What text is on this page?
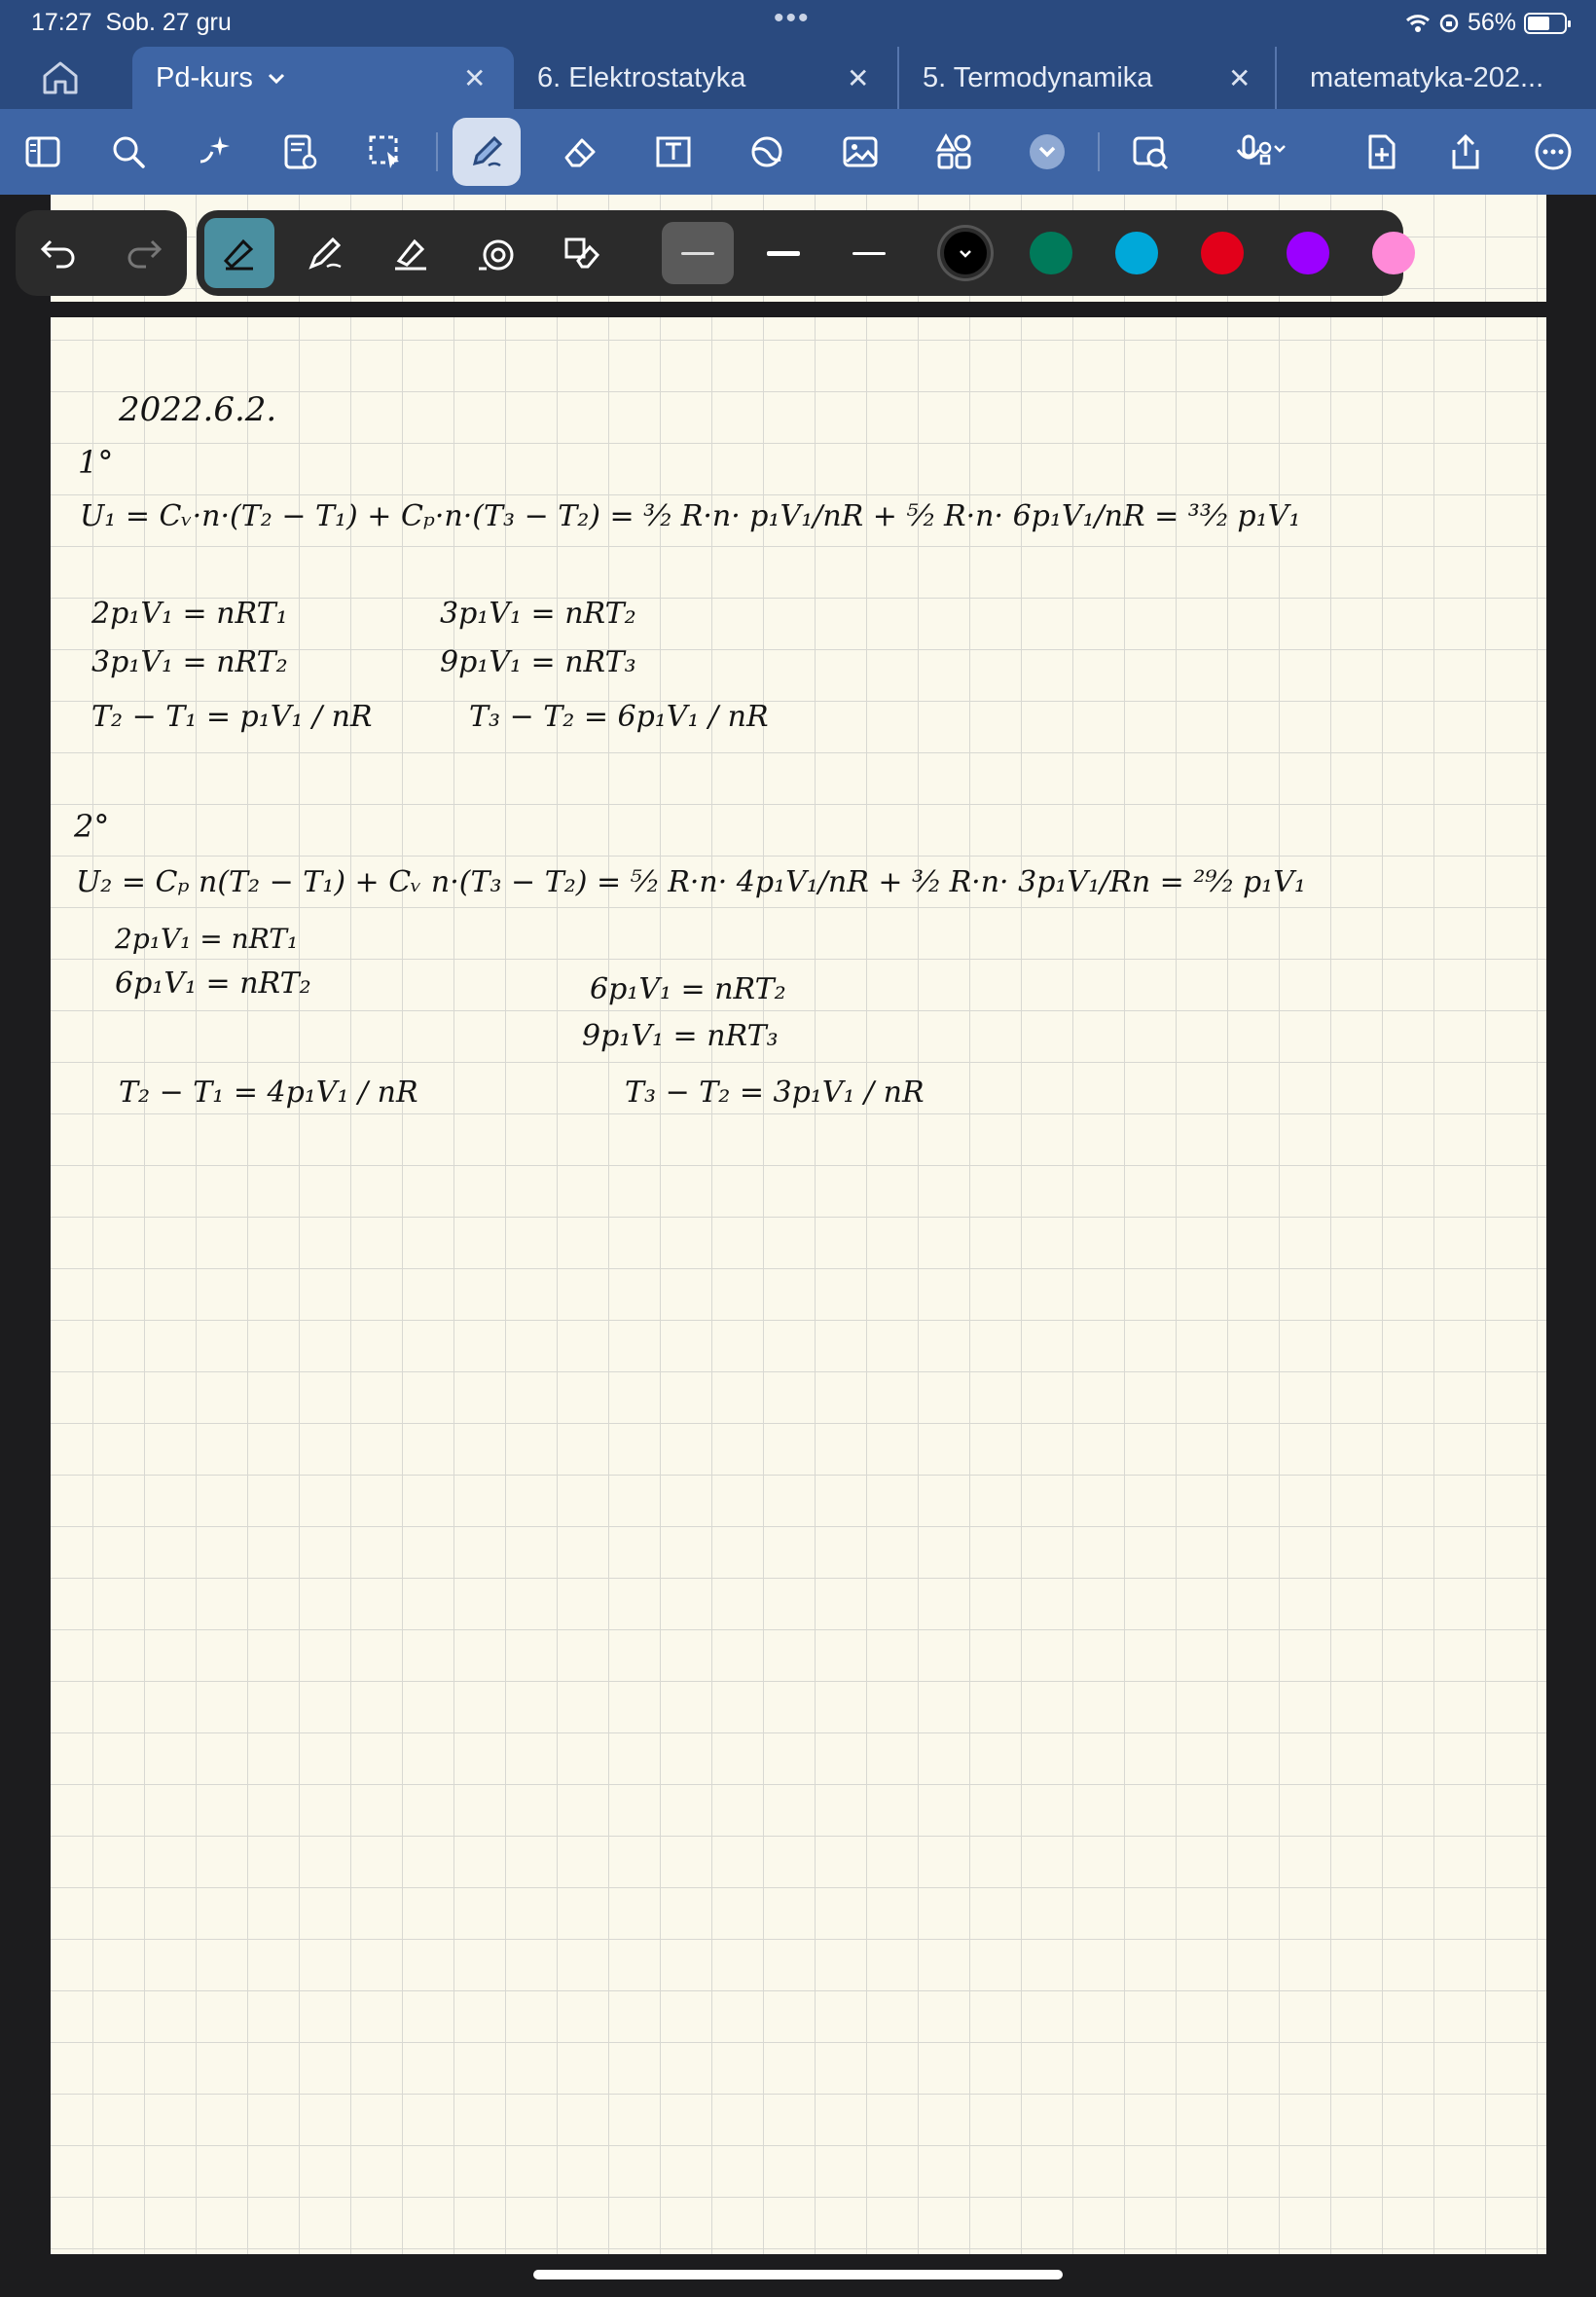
17:27 Sob. 27 gru	•••	56%
Pd-kurs	✕ 6. Elektrostatyka	✕ 5. Termodynamika	✕ matematyka-202...
2022.6.2.
1°
U₁ = Cᵥ·n·(T₂ − T₁) + Cₚ·n·(T₃ − T₂) = ³⁄₂ R·n· p₁V₁/nR + ⁵⁄₂ R·n· 6p₁V₁/nR = ³³⁄₂ p₁V₁
2p₁V₁ = nRT₁
3p₁V₁ = nRT₂
T₂ − T₁ = p₁V₁ / nR
3p₁V₁ = nRT₂
9p₁V₁ = nRT₃
T₃ − T₂ = 6p₁V₁ / nR
2°
U₂ = Cₚ n(T₂ − T₁) + Cᵥ n·(T₃ − T₂) = ⁵⁄₂ R·n· 4p₁V₁/nR + ³⁄₂ R·n· 3p₁V₁/Rn = ²⁹⁄₂ p₁V₁
2p₁V₁ = nRT₁
6p₁V₁ = nRT₂
T₂ − T₁ = 4p₁V₁ / nR
6p₁V₁ = nRT₂
9p₁V₁ = nRT₃
T₃ − T₂ = 3p₁V₁ / nR
